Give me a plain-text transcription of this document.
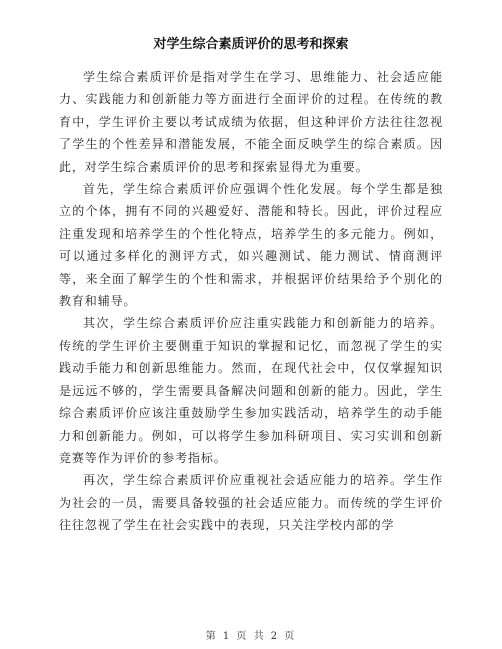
对学生综合素质评价的思考和探索

学生综合素质评价是指对学生在学习、思维能力、社会适应能力、实践能力和创新能力等方面进行全面评价的过程。在传统的教育中，学生评价主要以考试成绩为依据，但这种评价方法往往忽视了学生的个性差异和潜能发展，不能全面反映学生的综合素质。因此，对学生综合素质评价的思考和探索显得尤为重要。

首先，学生综合素质评价应强调个性化发展。每个学生都是独立的个体，拥有不同的兴趣爱好、潜能和特长。因此，评价过程应注重发现和培养学生的个性化特点，培养学生的多元能力。例如，可以通过多样化的测评方式，如兴趣测试、能力测试、情商测评等，来全面了解学生的个性和需求，并根据评价结果给予个别化的教育和辅导。

其次，学生综合素质评价应注重实践能力和创新能力的培养。传统的学生评价主要侧重于知识的掌握和记忆，而忽视了学生的实践动手能力和创新思维能力。然而，在现代社会中，仅仅掌握知识是远远不够的，学生需要具备解决问题和创新的能力。因此，学生综合素质评价应该注重鼓励学生参加实践活动，培养学生的动手能力和创新能力。例如，可以将学生参加科研项目、实习实训和创新竞赛等作为评价的参考指标。

再次，学生综合素质评价应重视社会适应能力的培养。学生作为社会的一员，需要具备较强的社会适应能力。而传统的学生评价往往忽视了学生在社会实践中的表现，只关注学校内部的学

第 1 页 共 2 页
